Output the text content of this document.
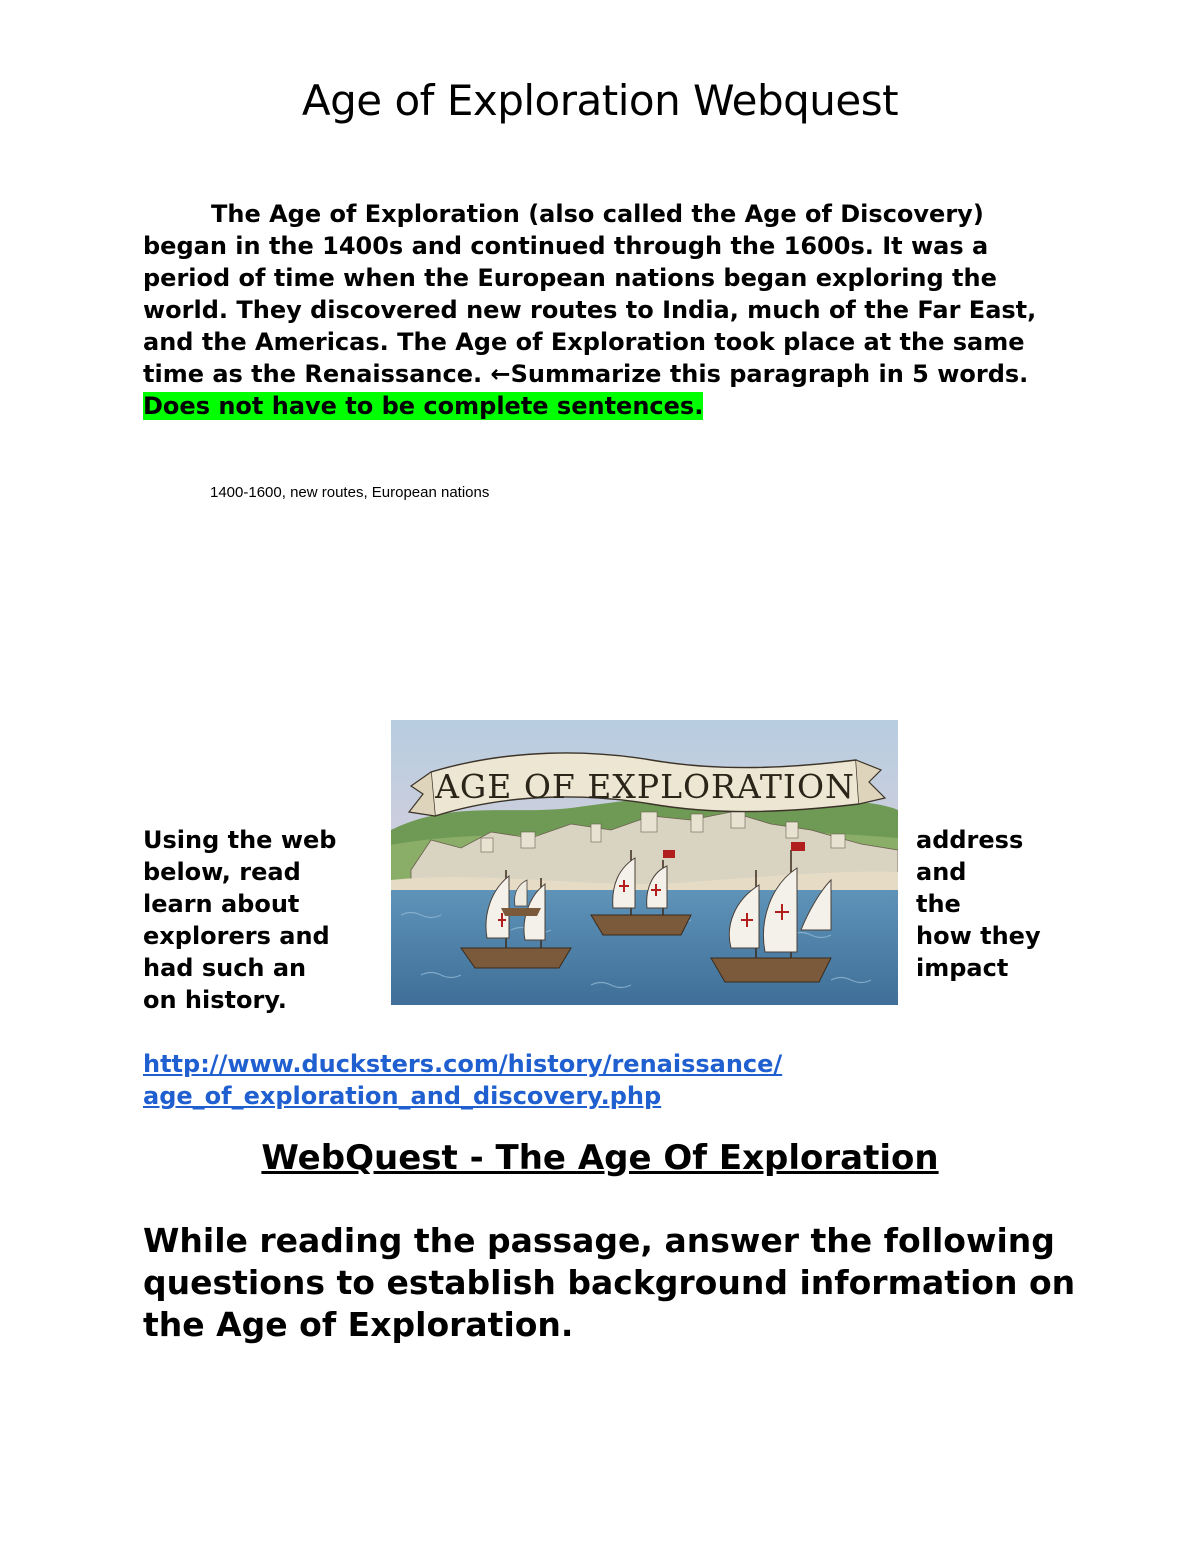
Age of Exploration Webquest

The Age of Exploration (also called the Age of Discovery) began in the 1400s and continued through the 1600s. It was a period of time when the European nations began exploring the world. They discovered new routes to India, much of the Far East, and the Americas. The Age of Exploration took place at the same time as the Renaissance. ←Summarize this paragraph in 5 words. Does not have to be complete sentences.

1400-1600, new routes, European nations

Using the web
below, read
learn about
explorers and
had such an
on history.
AGE OF EXPLORATION
address
and
the
how they
impact

http://www.ducksters.com/history/renaissance/
age_of_exploration_and_discovery.php

WebQuest - The Age Of Exploration

While reading the passage, answer the following questions to establish background information on the Age of Exploration.
